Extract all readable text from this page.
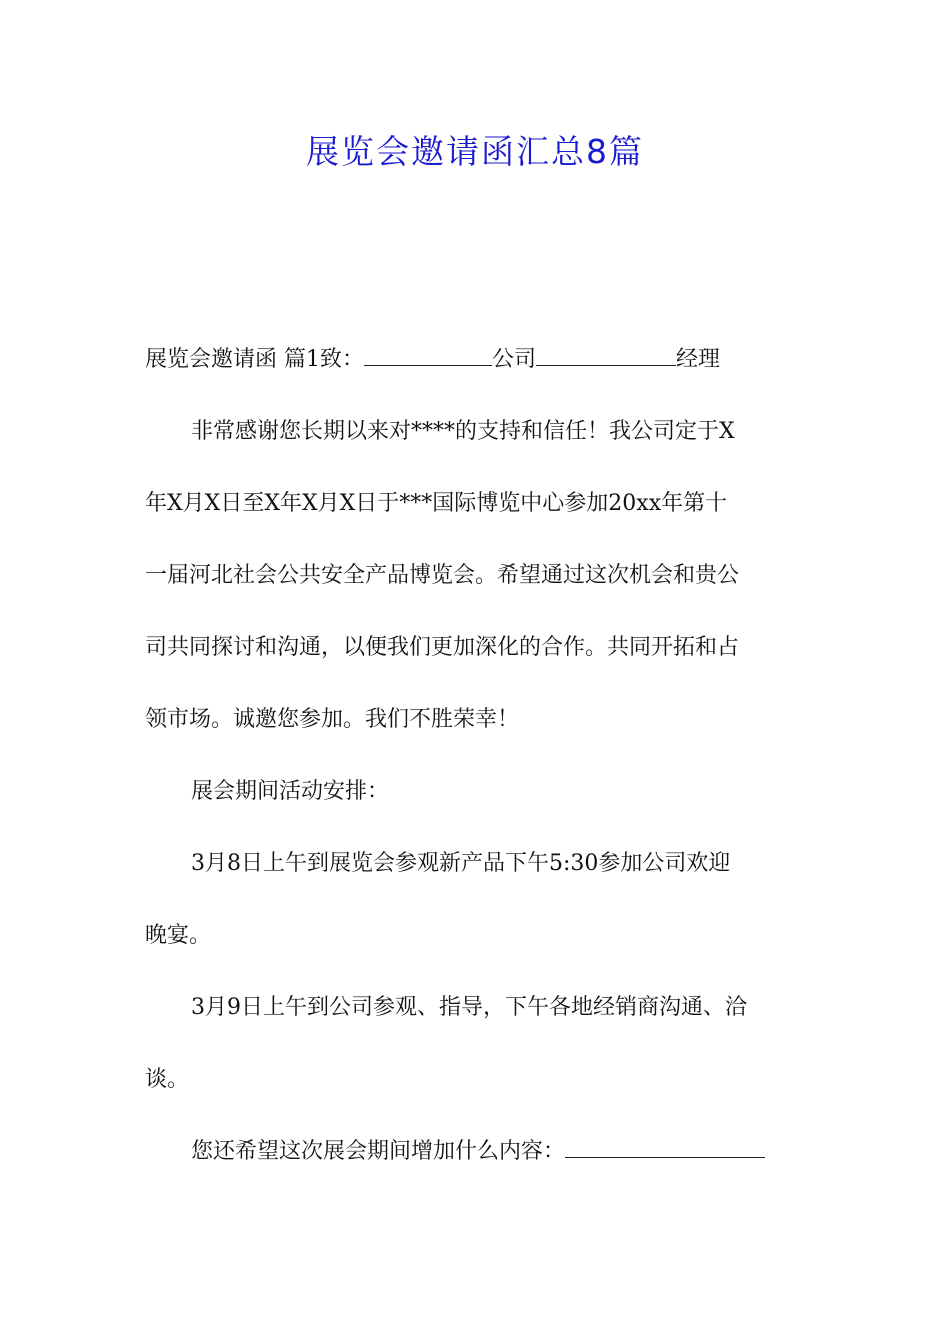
展览会邀请函汇总8篇
展览会邀请函 篇1致：	公司	经理
非常感谢您长期以来对****的支持和信任！我公司定于X
年X月X日至X年X月X日于***国际博览中心参加20xx年第十
一届河北社会公共安全产品博览会。希望通过这次机会和贵公
司共同探讨和沟通，以便我们更加深化的合作。共同开拓和占
领市场。诚邀您参加。我们不胜荣幸！
展会期间活动安排：
3月8日上午到展览会参观新产品下午5:30参加公司欢迎
晚宴。
3月9日上午到公司参观、指导，下午各地经销商沟通、洽
谈。
您还希望这次展会期间增加什么内容：
